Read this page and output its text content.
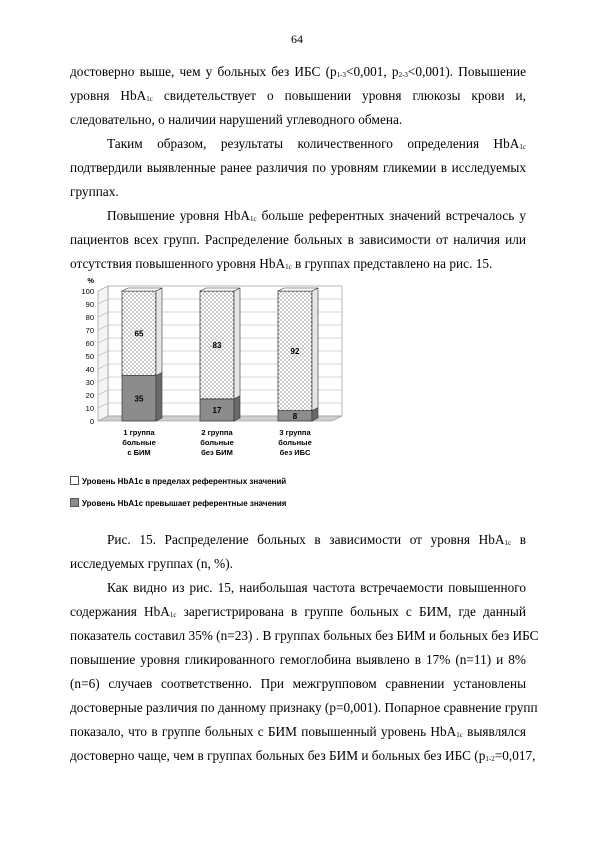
64
достоверно выше, чем у больных без ИБС ($p_{1-3}<0,001$, $p_{2-3}<0,001$). Повышение
уровня HbA$_{1c}$ свидетельствует о повышении уровня глюкозы крови и,
следовательно, о наличии нарушений углеводного обмена.
Таким образом, результаты количественного определения HbA$_{1c}$
подтвердили выявленные ранее различия по уровням гликемии в исследуемых
группах.
Повышение уровня HbA$_{1c}$ больше референтных значений встречалось у
пациентов всех групп. Распределение больных в зависимости от наличия или
отсутствия повышенного уровня HbA$_{1c}$ в группах представлено на рис. 15.
Рис. 15. Распределение больных в зависимости от уровня HbA$_{1c}$ в
исследуемых группах (n, %).
Как видно из рис. 15, наибольшая частота встречаемости повышенного
содержания HbA$_{1c}$ зарегистрирована в группе больных с БИМ, где данный
показатель составил 35% (n=23) . В группах больных без БИМ и больных без ИБС
повышение уровня гликированного гемоглобина выявлено в 17% (n=11) и 8%
(n=6) случаев соответственно. При межгрупповом сравнении установлены
достоверные различия по данному признаку (p=0,001). Попарное сравнение групп
показало, что в группе больных с БИМ повышенный уровень HbA$_{1c}$ выявлялся
достоверно чаще, чем в группах больных без БИМ и больных без ИБС ($p_{1-2}=0,017$,
0
10
20
30
40
50
60
70
80
90
100
%
35
65
1 группа
больные
с БИМ
17
83
2 группа
больные
без БИМ
8
92
3 группа
больные
без ИБС
Уровень HbA1c в пределах референтных значений
Уровень HbA1c превышает референтные значения
